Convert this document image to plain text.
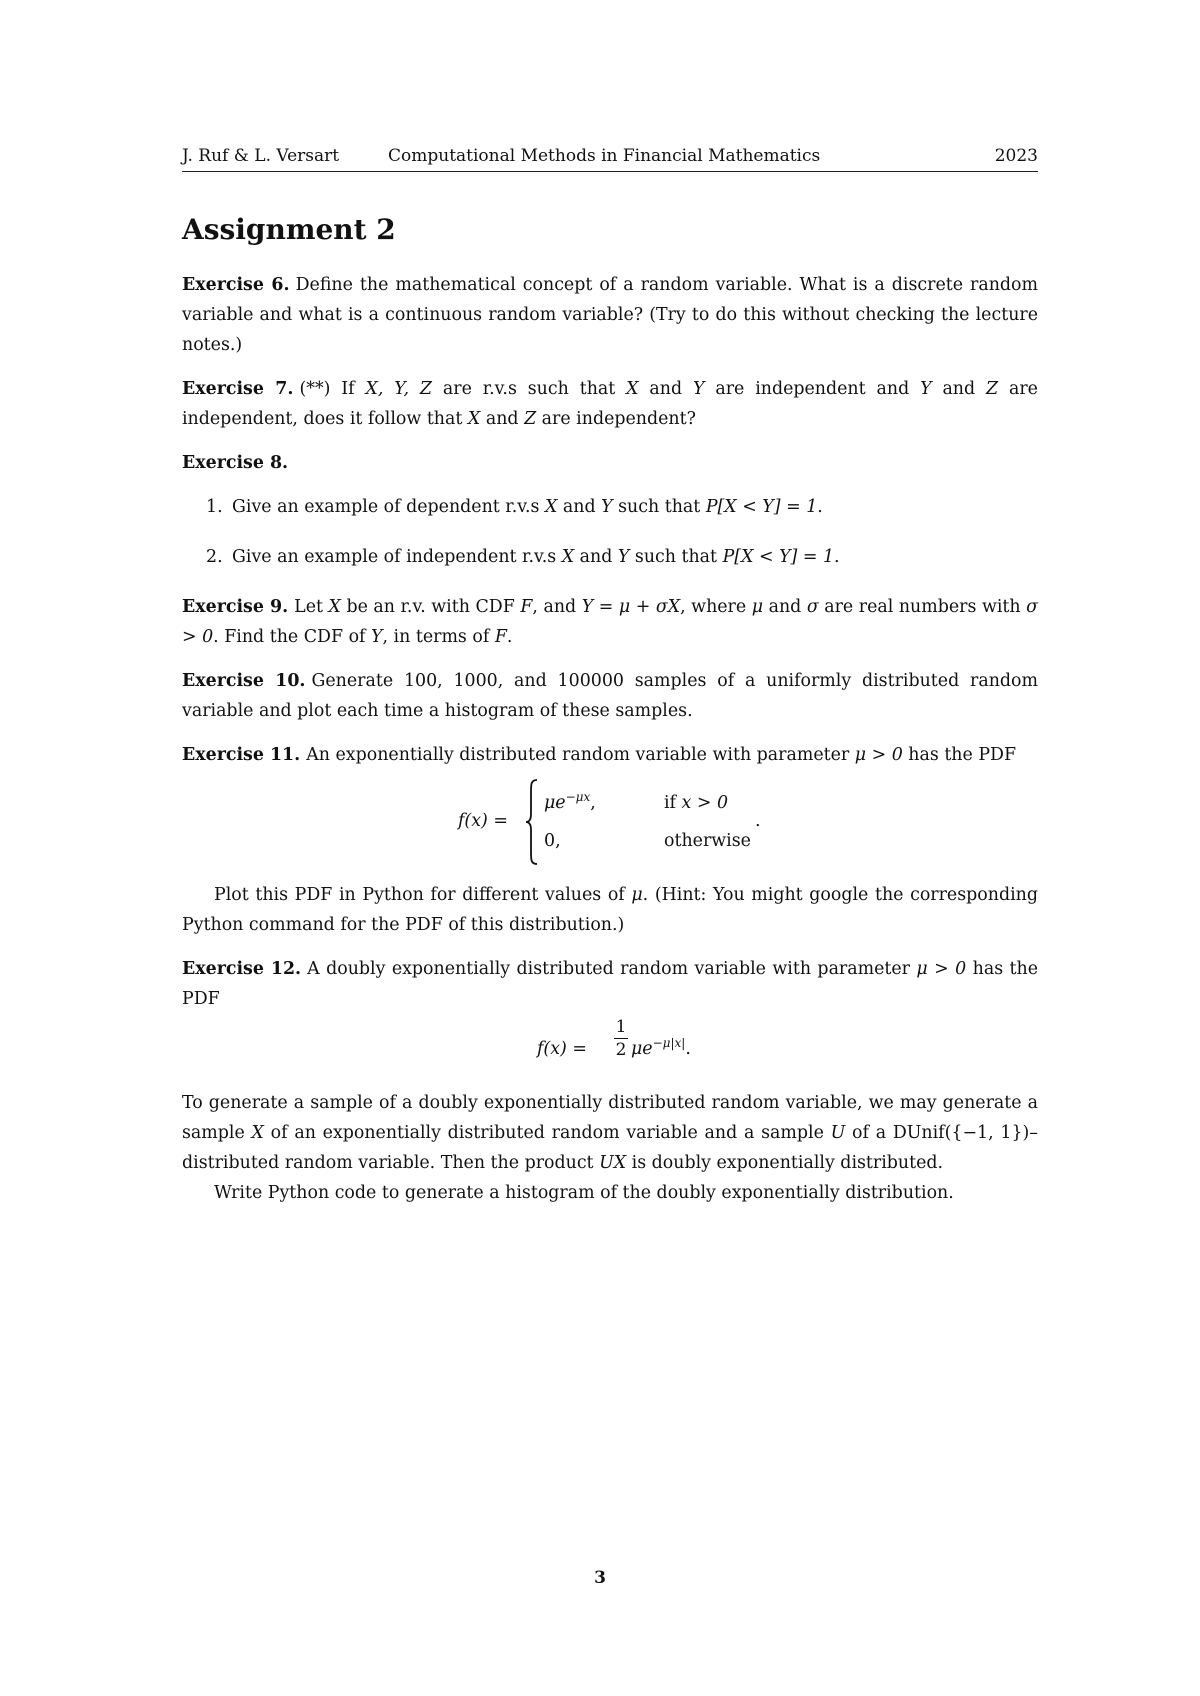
J. Ruf & L. Versart	Computational Methods in Financial Mathematics	2023
Assignment 2

Exercise 6. Define the mathematical concept of a random variable. What is a discrete random variable and what is a continuous random variable? (Try to do this without checking the lecture notes.)

Exercise 7. (**) If X, Y, Z are r.v.s such that X and Y are independent and Y and Z are independent, does it follow that X and Z are independent?

Exercise 8.

1. Give an example of dependent r.v.s X and Y such that P[X < Y] = 1.
2. Give an example of independent r.v.s X and Y such that P[X < Y] = 1.

Exercise 9. Let X be an r.v. with CDF F, and Y = μ + σX, where μ and σ are real numbers with σ > 0. Find the CDF of Y, in terms of F.

Exercise 10. Generate 100, 1000, and 100000 samples of a uniformly distributed random variable and plot each time a histogram of these samples.

Exercise 11. An exponentially distributed random variable with parameter μ > 0 has the PDF

f(x) =
$\mu e^{-\mu x}$,	if x > 0
0,	otherwise
.

Plot this PDF in Python for different values of μ. (Hint: You might google the corresponding Python command for the PDF of this distribution.)

Exercise 12. A doubly exponentially distributed random variable with parameter μ > 0 has the PDF

$f(x) = \frac{1}{2} \mu e^{-\mu|x|}$.

To generate a sample of a doubly exponentially distributed random variable, we may generate a sample X of an exponentially distributed random variable and a sample U of a DUnif({−1, 1})–distributed random variable. Then the product UX is doubly exponentially distributed.

Write Python code to generate a histogram of the doubly exponentially distribution.

3
